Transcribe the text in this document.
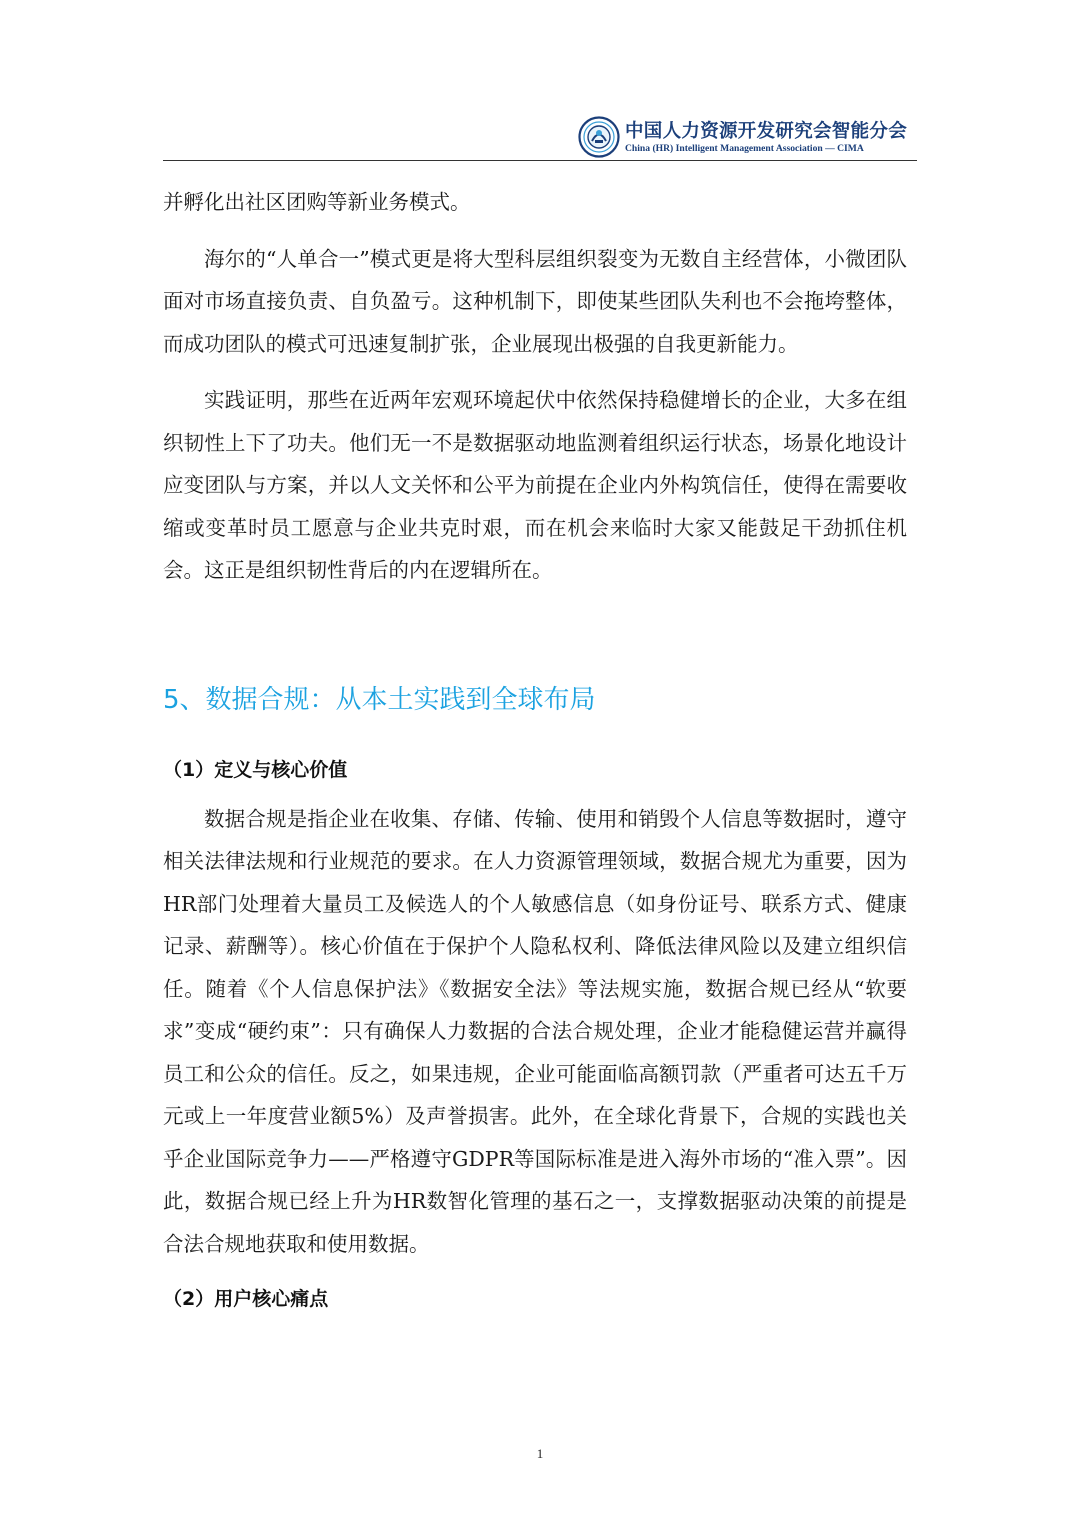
中国人力资源开发研究会智能分会
China (HR) Intelligent Management Association — CIMA

并孵化出社区团购等新业务模式。

海尔的“人单合一”模式更是将大型科层组织裂变为无数自主经营体，小微团队面对市场直接负责、自负盈亏。这种机制下，即使某些团队失利也不会拖垮整体，而成功团队的模式可迅速复制扩张，企业展现出极强的自我更新能力。

实践证明，那些在近两年宏观环境起伏中依然保持稳健增长的企业，大多在组织韧性上下了功夫。他们无一不是数据驱动地监测着组织运行状态，场景化地设计应变团队与方案，并以人文关怀和公平为前提在企业内外构筑信任，使得在需要收缩或变革时员工愿意与企业共克时艰，而在机会来临时大家又能鼓足干劲抓住机会。这正是组织韧性背后的内在逻辑所在。

5、数据合规：从本土实践到全球布局
（1）定义与核心价值

数据合规是指企业在收集、存储、传输、使用和销毁个人信息等数据时，遵守相关法律法规和行业规范的要求。在人力资源管理领域，数据合规尤为重要，因为HR部门处理着大量员工及候选人的个人敏感信息（如身份证号、联系方式、健康记录、薪酬等）。核心价值在于保护个人隐私权利、降低法律风险以及建立组织信任。随着《个人信息保护法》《数据安全法》等法规实施，数据合规已经从“软要求”变成“硬约束”：只有确保人力数据的合法合规处理，企业才能稳健运营并赢得员工和公众的信任。反之，如果违规，企业可能面临高额罚款（严重者可达五千万元或上一年度营业额5%）及声誉损害。此外，在全球化背景下，合规的实践也关乎企业国际竞争力——严格遵守GDPR等国际标准是进入海外市场的“准入票”。因此，数据合规已经上升为HR数智化管理的基石之一，支撑数据驱动决策的前提是合法合规地获取和使用数据。

（2）用户核心痛点
1
